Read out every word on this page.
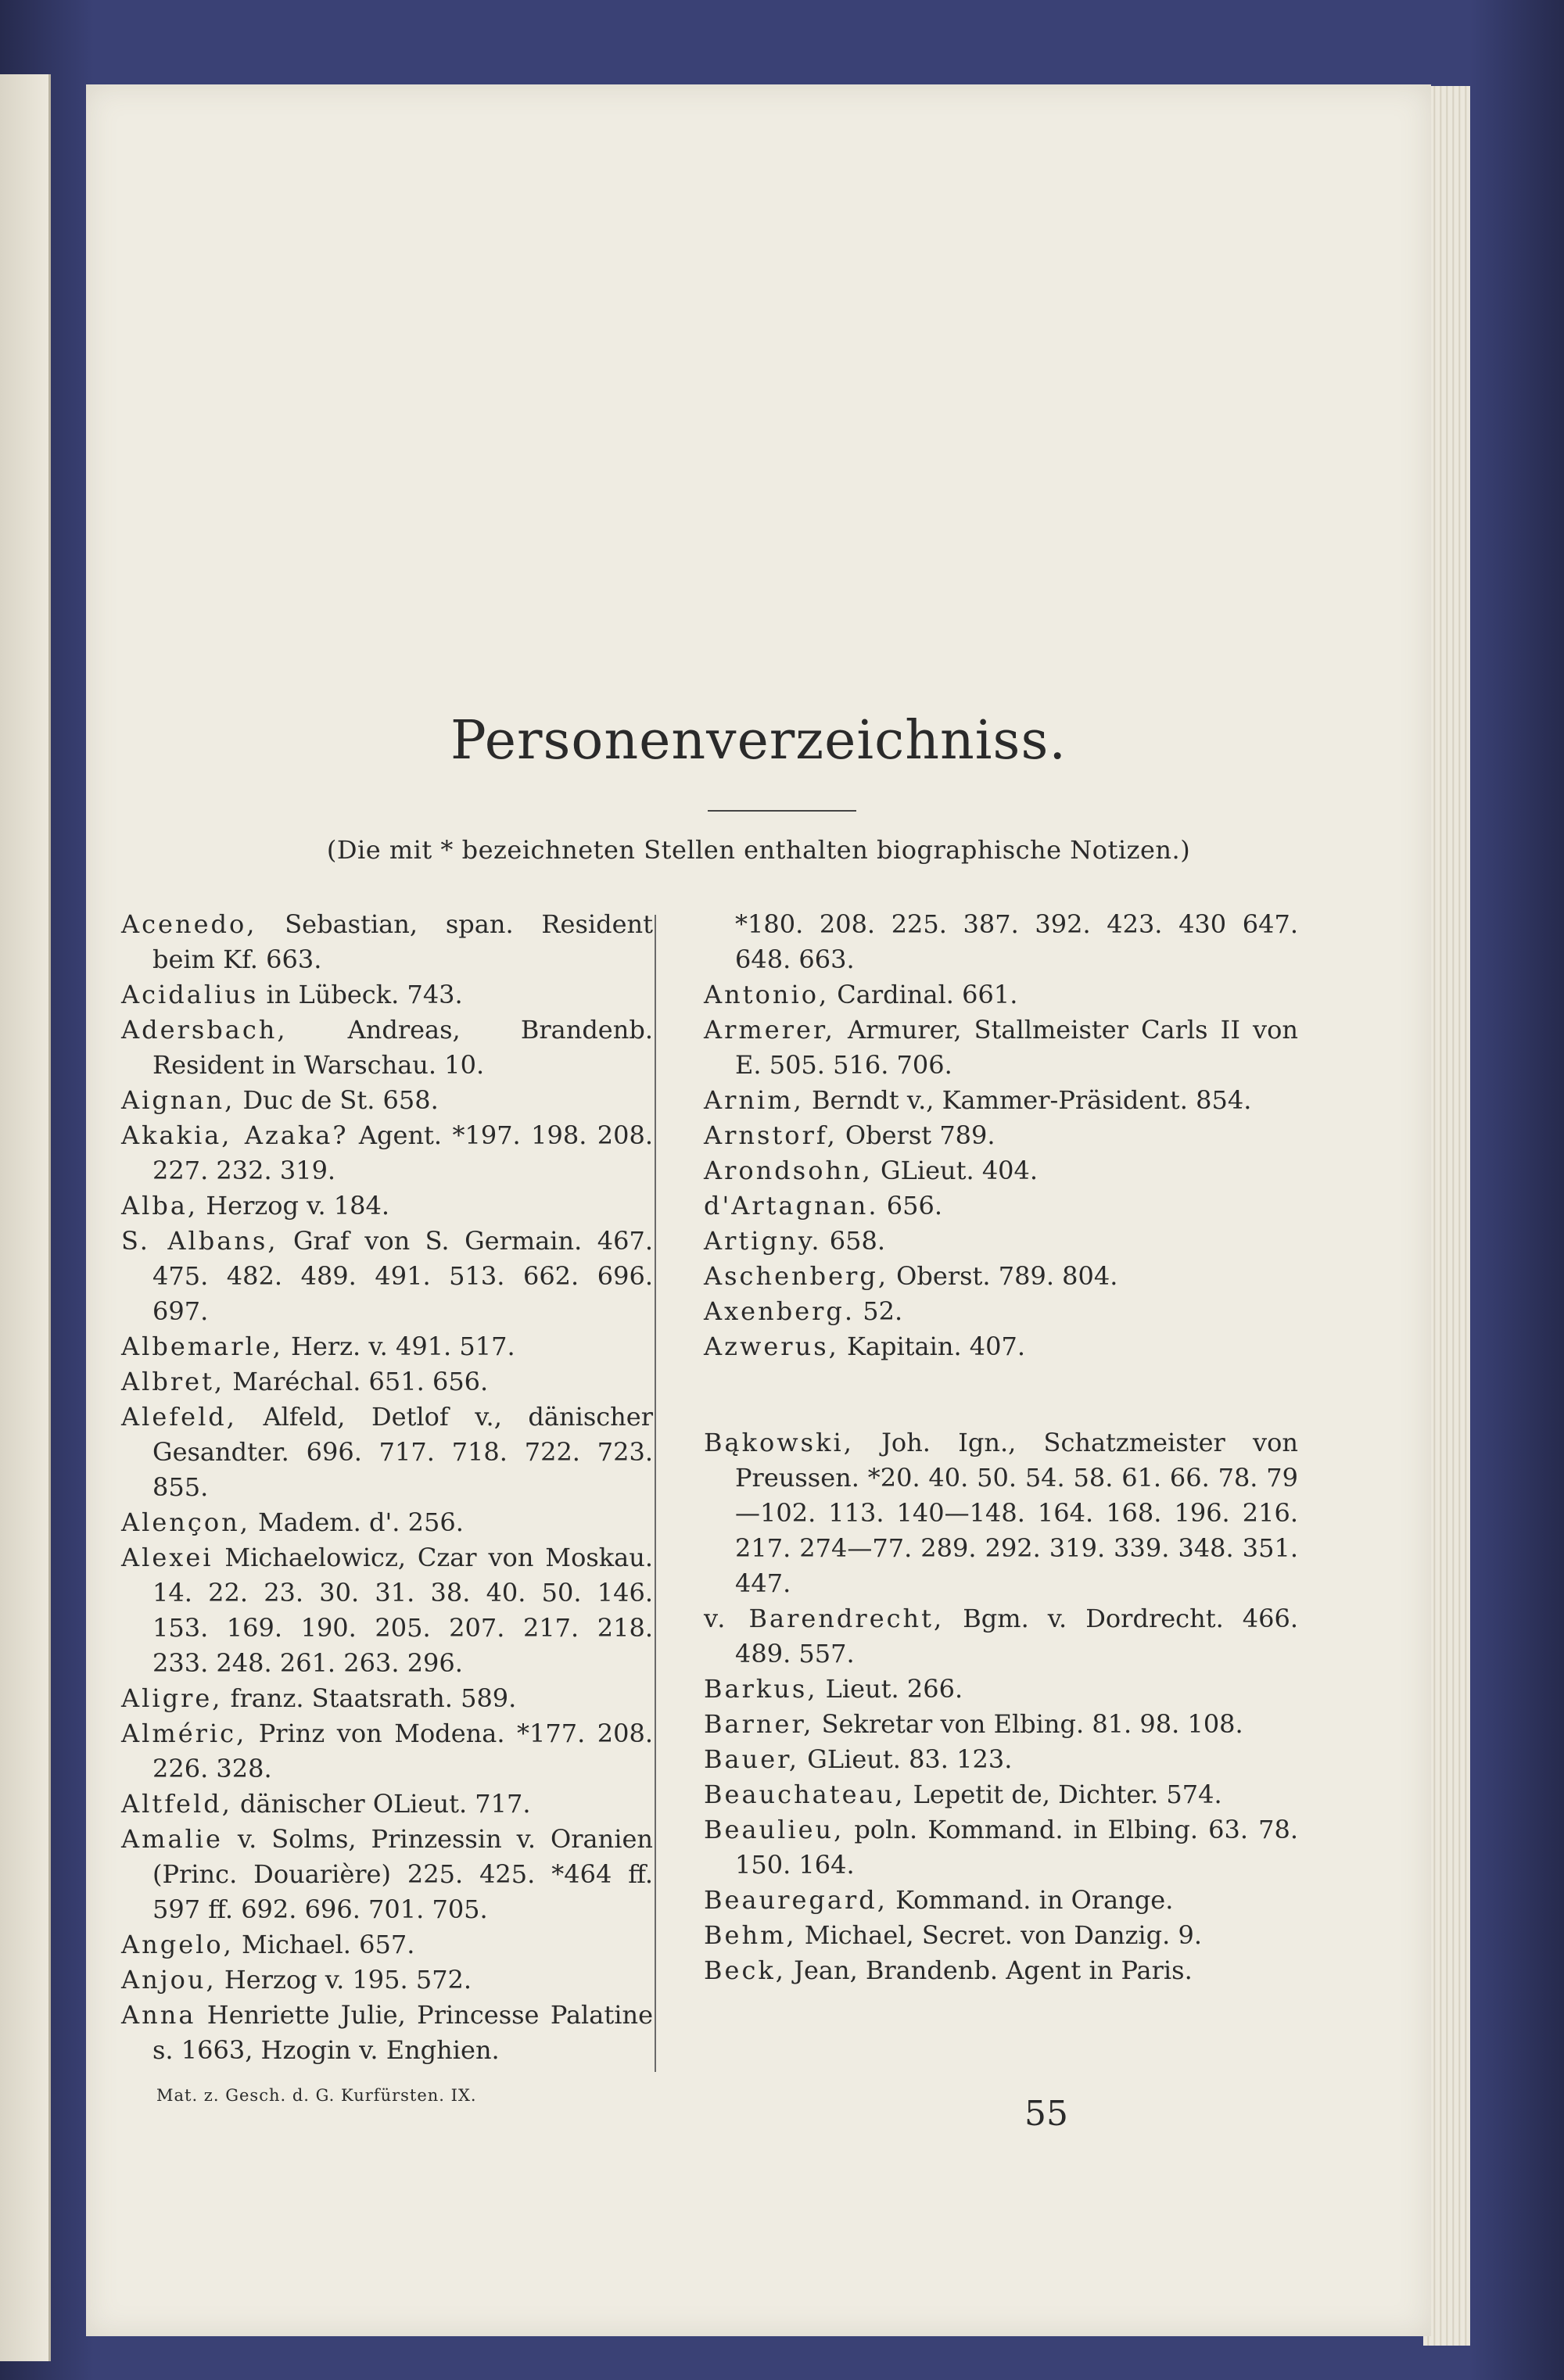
Personenverzeichniss.
(Die mit * bezeichneten Stellen enthalten biographische Notizen.)
Acenedo, Sebastian, span. Resident beim Kf. 663.
Acidalius in Lübeck. 743.
Adersbach, Andreas, Brandenb. Resident in Warschau. 10.
Aignan, Duc de St. 658.
Akakia, Azaka? Agent. *197. 198. 208. 227. 232. 319.
Alba, Herzog v. 184.
S. Albans, Graf von S. Germain. 467. 475. 482. 489. 491. 513. 662. 696. 697.
Albemarle, Herz. v. 491. 517.
Albret, Maréchal. 651. 656.
Alefeld, Alfeld, Detlof v., dänischer Gesandter. 696. 717. 718. 722. 723. 855.
Alençon, Madem. d'. 256.
Alexei Michaelowicz, Czar von Moskau. 14. 22. 23. 30. 31. 38. 40. 50. 146. 153. 169. 190. 205. 207. 217. 218. 233. 248. 261. 263. 296.
Aligre, franz. Staatsrath. 589.
Alméric, Prinz von Modena. *177. 208. 226. 328.
Altfeld, dänischer OLieut. 717.
Amalie v. Solms, Prinzessin v. Oranien (Princ. Douarière) 225. 425. *464 ff. 597 ff. 692. 696. 701. 705.
Angelo, Michael. 657.
Anjou, Herzog v. 195. 572.
Anna Henriette Julie, Princesse Palatine s. 1663, Hzogin v. Enghien.
*180. 208. 225. 387. 392. 423. 430 647. 648. 663.
Antonio, Cardinal. 661.
Armerer, Armurer, Stallmeister Carls II von E. 505. 516. 706.
Arnim, Berndt v., Kammer-Präsident. 854.
Arnstorf, Oberst 789.
Arondsohn, GLieut. 404.
d'Artagnan. 656.
Artigny. 658.
Aschenberg, Oberst. 789. 804.
Axenberg. 52.
Azwerus, Kapitain. 407.
Bąkowski, Joh. Ign., Schatzmeister von Preussen. *20. 40. 50. 54. 58. 61. 66. 78. 79—102. 113. 140—148. 164. 168. 196. 216. 217. 274—77. 289. 292. 319. 339. 348. 351. 447.
v. Barendrecht, Bgm. v. Dordrecht. 466. 489. 557.
Barkus, Lieut. 266.
Barner, Sekretar von Elbing. 81. 98. 108.
Bauer, GLieut. 83. 123.
Beauchateau, Lepetit de, Dichter. 574.
Beaulieu, poln. Kommand. in Elbing. 63. 78. 150. 164.
Beauregard, Kommand. in Orange.
Behm, Michael, Secret. von Danzig. 9.
Beck, Jean, Brandenb. Agent in Paris.
Mat. z. Gesch. d. G. Kurfürsten. IX.	55
